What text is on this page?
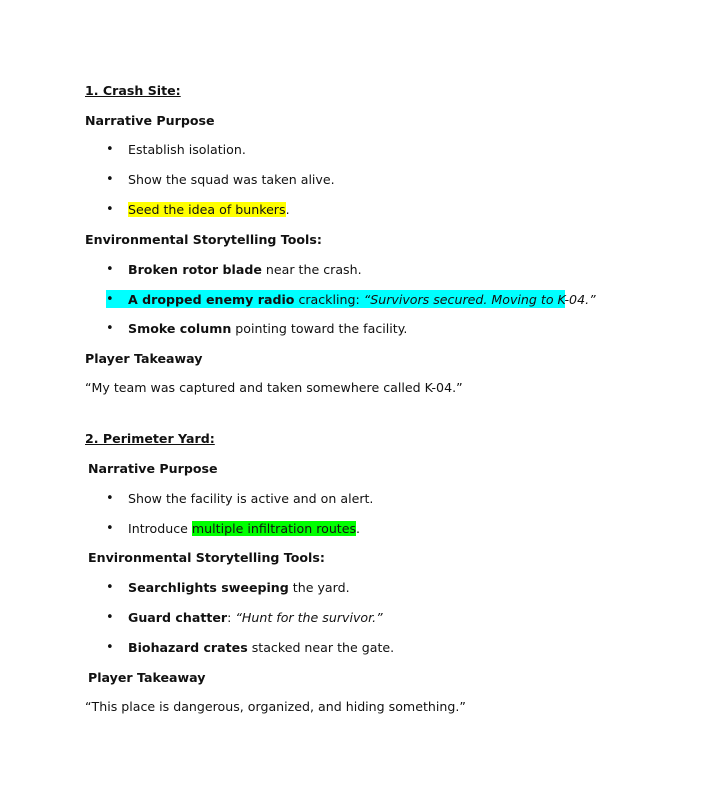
1. Crash Site:
Narrative Purpose
• Establish isolation.
• Show the squad was taken alive.
• Seed the idea of bunkers.
Environmental Storytelling Tools:
• Broken rotor blade near the crash.
• A dropped enemy radio crackling: “Survivors secured. Moving to K-04.”
• Smoke column pointing toward the facility.
Player Takeaway
“My team was captured and taken somewhere called K-04.”
2. Perimeter Yard:
Narrative Purpose
• Show the facility is active and on alert.
• Introduce multiple infiltration routes.
Environmental Storytelling Tools:
• Searchlights sweeping the yard.
• Guard chatter: “Hunt for the survivor.”
• Biohazard crates stacked near the gate.
Player Takeaway
“This place is dangerous, organized, and hiding something.”
